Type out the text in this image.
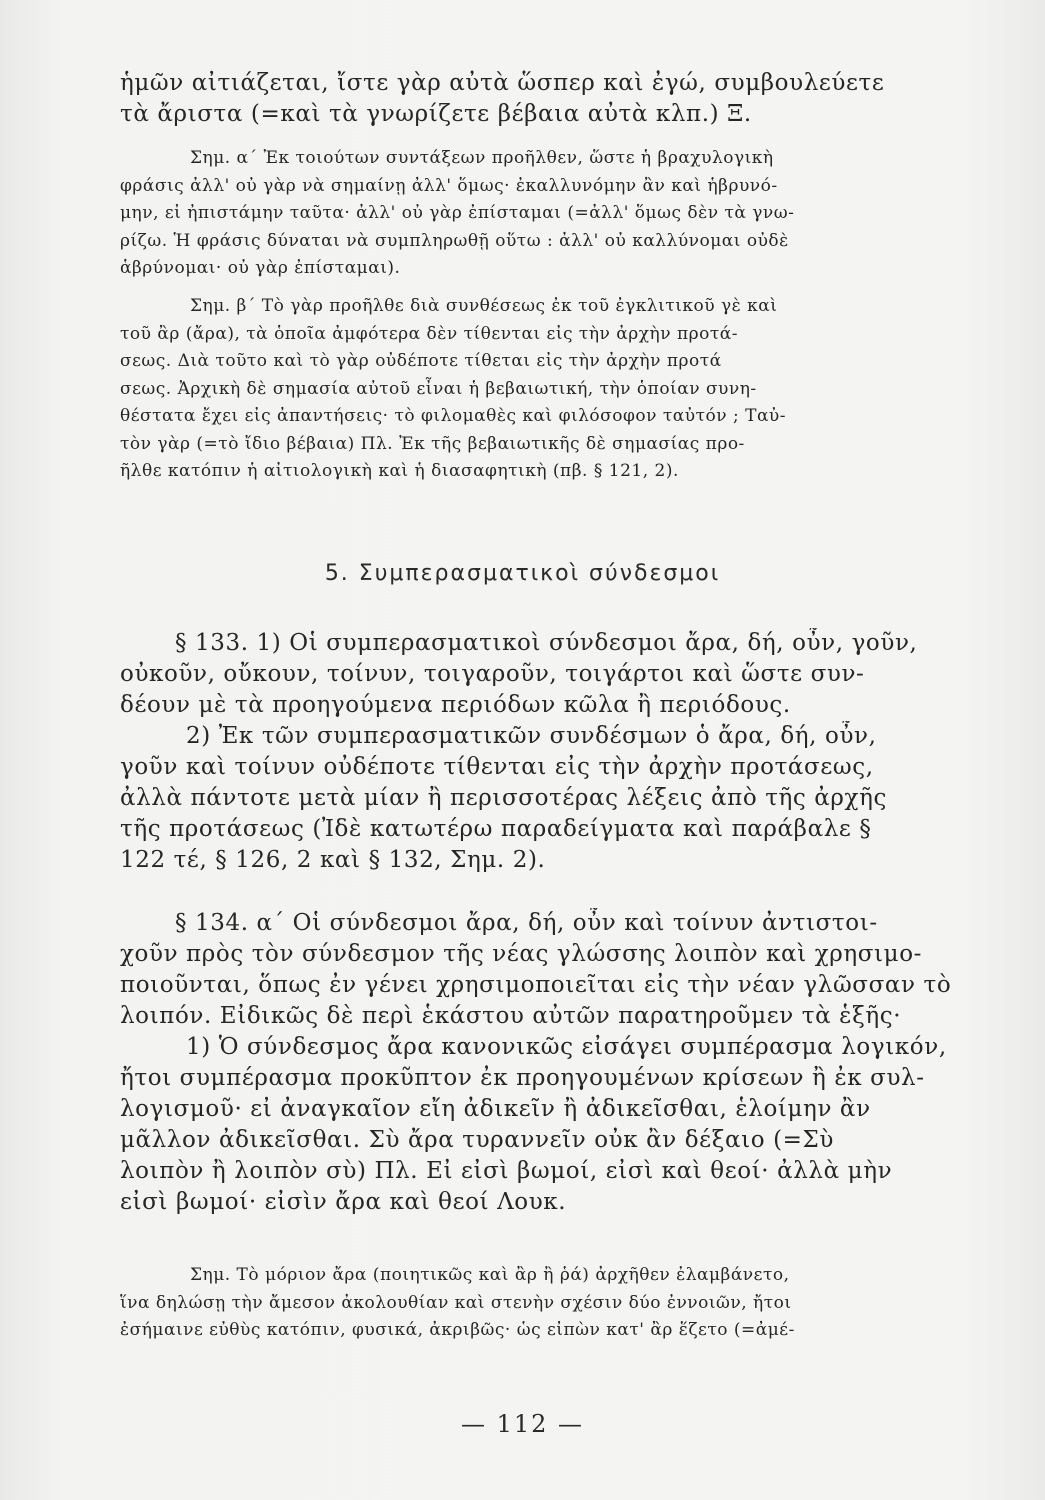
ἡμῶν αἰτιάζεται, ἴστε γὰρ αὐτὰ ὥσπερ καὶ ἐγώ, συμβουλεύετε
τὰ ἄριστα (=καὶ τὰ γνωρίζετε βέβαια αὐτὰ κλπ.) Ξ.
Σημ. α΄ Ἐκ τοιούτων συντάξεων προῆλθεν, ὥστε ἡ βραχυλογικὴ
φράσις ἀλλ' οὐ γὰρ νὰ σημαίνῃ ἀλλ' ὅμως· ἐκαλλυνόμην ἂν καὶ ἡβρυνό-
μην, εἰ ἠπιστάμην ταῦτα· ἀλλ' οὐ γὰρ ἐπίσταμαι (=ἀλλ' ὅμως δὲν τὰ γνω-
ρίζω. Ἡ φράσις δύναται νὰ συμπληρωθῇ οὕτω : ἀλλ' οὐ καλλύνομαι οὐδὲ
ἁβρύνομαι· οὐ γὰρ ἐπίσταμαι).
Σημ. β΄ Τὸ γὰρ προῆλθε διὰ συνθέσεως ἐκ τοῦ ἐγκλιτικοῦ γὲ καὶ
τοῦ ἂρ (ἄρα), τὰ ὁποῖα ἀμφότερα δὲν τίθενται εἰς τὴν ἀρχὴν προτά-
σεως. Διὰ τοῦτο καὶ τὸ γὰρ οὐδέποτε τίθεται εἰς τὴν ἀρχὴν προτά
σεως. Ἀρχικὴ δὲ σημασία αὐτοῦ εἶναι ἡ βεβαιωτική, τὴν ὁποίαν συνη-
θέστατα ἔχει εἰς ἀπαντήσεις· τὸ φιλομαθὲς καὶ φιλόσοφον ταὐτόν ; Ταὐ-
τὸν γὰρ (=τὸ ἴδιο βέβαια) Πλ. Ἐκ τῆς βεβαιωτικῆς δὲ σημασίας προ-
ῆλθε κατόπιν ἡ αἰτιολογικὴ καὶ ἡ διασαφητικὴ (πβ. § 121, 2).
5. Συμπερασματικοὶ σύνδεσμοι
§ 133. 1) Οἱ συμπερασματικοὶ σύνδεσμοι ἄρα, δή, οὖν, γοῦν,
οὐκοῦν, οὔκουν, τοίνυν, τοιγαροῦν, τοιγάρτοι καὶ ὥστε συν-
δέουν μὲ τὰ προηγούμενα περιόδων κῶλα ἢ περιόδους.
2) Ἐκ τῶν συμπερασματικῶν συνδέσμων ὁ ἄρα, δή, οὖν,
γοῦν καὶ τοίνυν οὐδέποτε τίθενται εἰς τὴν ἀρχὴν προτάσεως,
ἀλλὰ πάντοτε μετὰ μίαν ἢ περισσοτέρας λέξεις ἀπὸ τῆς ἀρχῆς
τῆς προτάσεως (Ἰδὲ κατωτέρω παραδείγματα καὶ παράβαλε §
122 τέ, § 126, 2 καὶ § 132, Σημ. 2).
§ 134. α΄ Οἱ σύνδεσμοι ἄρα, δή, οὖν καὶ τοίνυν ἀντιστοι-
χοῦν πρὸς τὸν σύνδεσμον τῆς νέας γλώσσης λοιπὸν καὶ χρησιμο-
ποιοῦνται, ὅπως ἐν γένει χρησιμοποιεῖται εἰς τὴν νέαν γλῶσσαν τὸ
λοιπόν. Εἰδικῶς δὲ περὶ ἑκάστου αὐτῶν παρατηροῦμεν τὰ ἑξῆς·
1) Ὁ σύνδεσμος ἄρα κανονικῶς εἰσάγει συμπέρασμα λογικόν,
ἤτοι συμπέρασμα προκῦπτον ἐκ προηγουμένων κρίσεων ἢ ἐκ συλ-
λογισμοῦ· εἰ ἀναγκαῖον εἴη ἀδικεῖν ἢ ἀδικεῖσθαι, ἑλοίμην ἂν
μᾶλλον ἀδικεῖσθαι. Σὺ ἄρα τυραννεῖν οὐκ ἂν δέξαιο (=Σὺ
λοιπὸν ἢ λοιπὸν σὺ) Πλ. Εἰ εἰσὶ βωμοί, εἰσὶ καὶ θεοί· ἀλλὰ μὴν
εἰσὶ βωμοί· εἰσὶν ἄρα καὶ θεοί Λουκ.
Σημ. Τὸ μόριον ἄρα (ποιητικῶς καὶ ἂρ ἢ ῥά) ἀρχῆθεν ἐλαμβάνετο,
ἵνα δηλώσῃ τὴν ἄμεσον ἀκολουθίαν καὶ στενὴν σχέσιν δύο ἐννοιῶν, ἤτοι
ἐσήμαινε εὐθὺς κατόπιν, φυσικά, ἀκριβῶς· ὡς εἰπὼν κατ' ἂρ ἕζετο (=ἀμέ-
— 112 —
